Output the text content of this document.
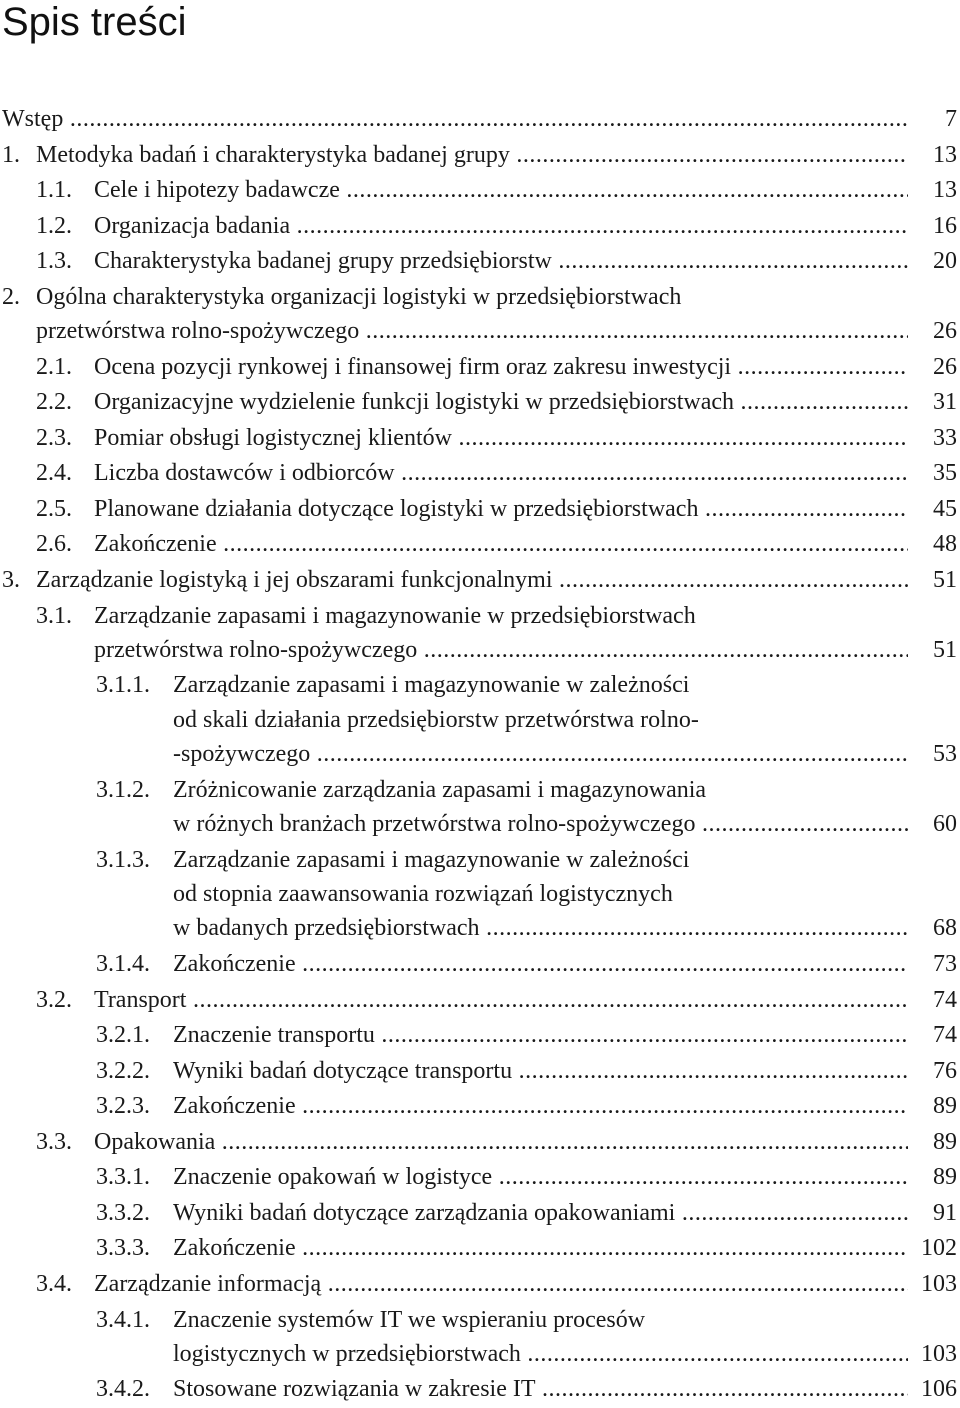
Spis treści
Wstęp .....	7
1. Metodyka badań i charakterystyka badanej grupy .....	13
1.1. Cele i hipotezy badawcze .....	13
1.2. Organizacja badania .....	16
1.3. Charakterystyka badanej grupy przedsiębiorstw .....	20
2. Ogólna charakterystyka organizacji logistyki w przedsiębiorstwach
przetwórstwa rolno-spożywczego .....	26
2.1. Ocena pozycji rynkowej i finansowej firm oraz zakresu inwestycji .....	26
2.2. Organizacyjne wydzielenie funkcji logistyki w przedsiębiorstwach .....	31
2.3. Pomiar obsługi logistycznej klientów .....	33
2.4. Liczba dostawców i odbiorców .....	35
2.5. Planowane działania dotyczące logistyki w przedsiębiorstwach .....	45
2.6. Zakończenie .....	48
3. Zarządzanie logistyką i jej obszarami funkcjonalnymi .....	51
3.1. Zarządzanie zapasami i magazynowanie w przedsiębiorstwach
przetwórstwa rolno-spożywczego .....	51
3.1.1. Zarządzanie zapasami i magazynowanie w zależności
od skali działania przedsiębiorstw przetwórstwa rolno-
-spożywczego .....	53
3.1.2. Zróżnicowanie zarządzania zapasami i magazynowania
w różnych branżach przetwórstwa rolno-spożywczego .....	60
3.1.3. Zarządzanie zapasami i magazynowanie w zależności
od stopnia zaawansowania rozwiązań logistycznych
w badanych przedsiębiorstwach .....	68
3.1.4. Zakończenie .....	73
3.2. Transport .....	74
3.2.1. Znaczenie transportu .....	74
3.2.2. Wyniki badań dotyczące transportu .....	76
3.2.3. Zakończenie .....	89
3.3. Opakowania .....	89
3.3.1. Znaczenie opakowań w logistyce .....	89
3.3.2. Wyniki badań dotyczące zarządzania opakowaniami .....	91
3.3.3. Zakończenie .....	102
3.4. Zarządzanie informacją .....	103
3.4.1. Znaczenie systemów IT we wspieraniu procesów
logistycznych w przedsiębiorstwach .....	103
3.4.2. Stosowane rozwiązania w zakresie IT .....	106
